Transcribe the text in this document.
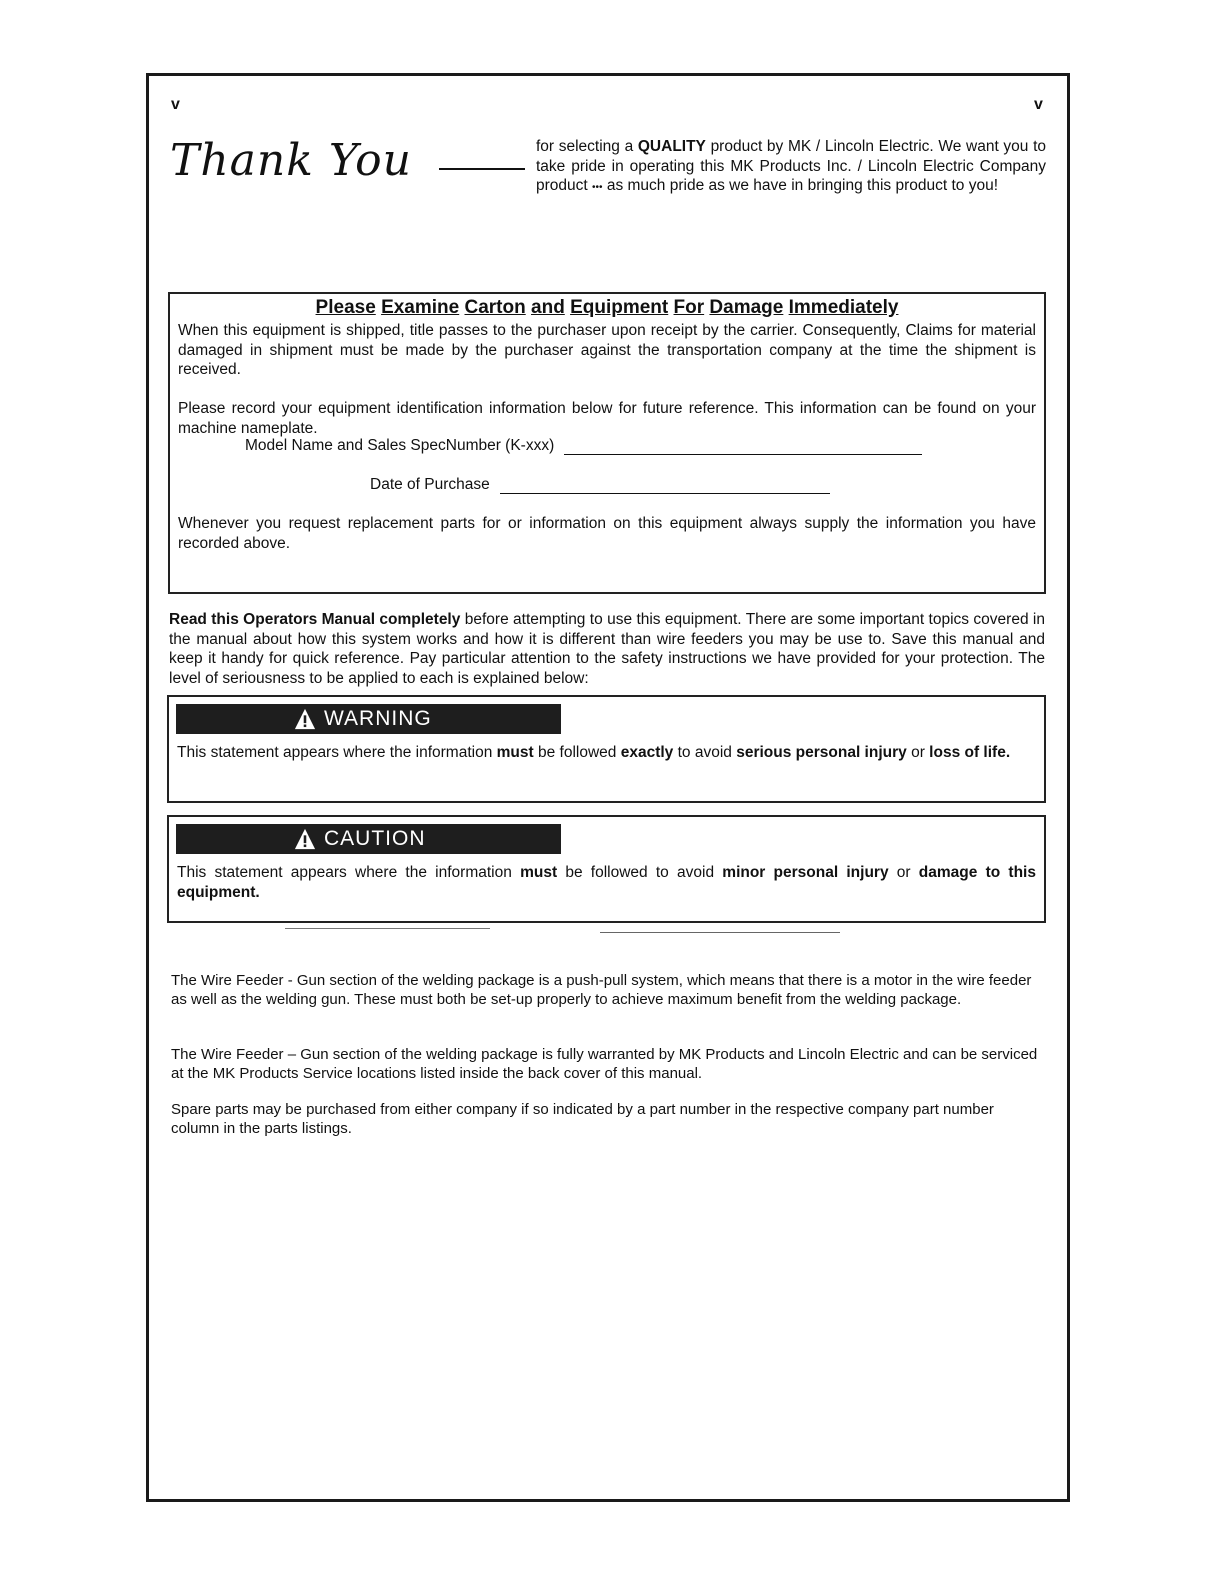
v	v
Thank You	for selecting a QUALITY product by MK / Lincoln Electric. We want you to take pride in operating this MK Products Inc. / Lincoln Electric Company product ••• as much pride as we have in bringing this product to you!
Please Examine Carton and Equipment For Damage Immediately
When this equipment is shipped, title passes to the purchaser upon receipt by the carrier. Consequently, Claims for material damaged in shipment must be made by the purchaser against the transportation company at the time the shipment is received.
Please record your equipment identification information below for future reference. This information can be found on your machine nameplate.
Model Name and Sales SpecNumber (K-xxx)
Date of Purchase
Whenever you request replacement parts for or information on this equipment always supply the information you have recorded above.
Read this Operators Manual completely before attempting to use this equipment. There are some important topics covered in the manual about how this system works and how it is different than wire feeders you may be use to. Save this manual and keep it handy for quick reference. Pay particular attention to the safety instructions we have provided for your protection. The level of seriousness to be applied to each is explained below:
WARNING
This statement appears where the information must be followed exactly to avoid serious personal injury or loss of life.
CAUTION
This statement appears where the information must be followed to avoid minor personal injury or damage to this equipment.
The Wire Feeder - Gun section of the welding package is a push-pull system, which means that there is a motor in the wire feeder as well as the welding gun. These must both be set-up properly to achieve maximum benefit from the welding package.
The Wire Feeder – Gun section of the welding package is fully warranted by MK Products and Lincoln Electric and can be serviced at the MK Products Service locations listed inside the back cover of this manual.
Spare parts may be purchased from either company if so indicated by a part number in the respective company part number column in the parts listings.
